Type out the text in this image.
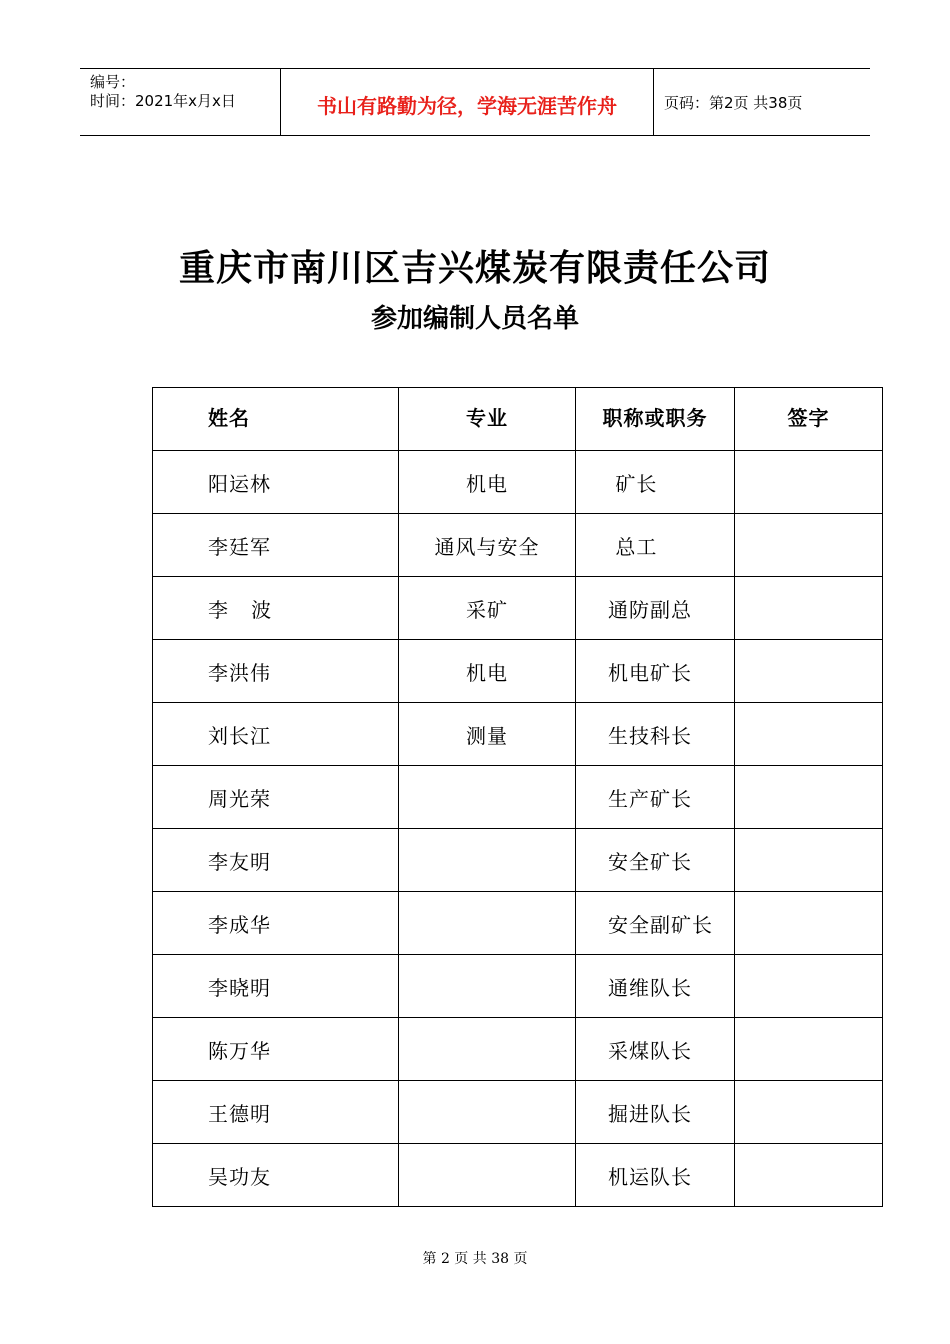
编号：
时间：2021年x月x日	书山有路勤为径，学海无涯苦作舟	页码：第2页 共38页
重庆市南川区吉兴煤炭有限责任公司
参加编制人员名单
姓名	专业	职称或职务	签字
阳运林	机电	矿长	
李廷军	通风与安全	总工	
李   波	采矿	通防副总	
李洪伟	机电	机电矿长	
刘长江	测量	生技科长	
周光荣		生产矿长	
李友明		安全矿长	
李成华		安全副矿长	
李晓明		通维队长	
陈万华		采煤队长	
王德明		掘进队长	
吴功友		机运队长	
第 2 页 共 38 页
